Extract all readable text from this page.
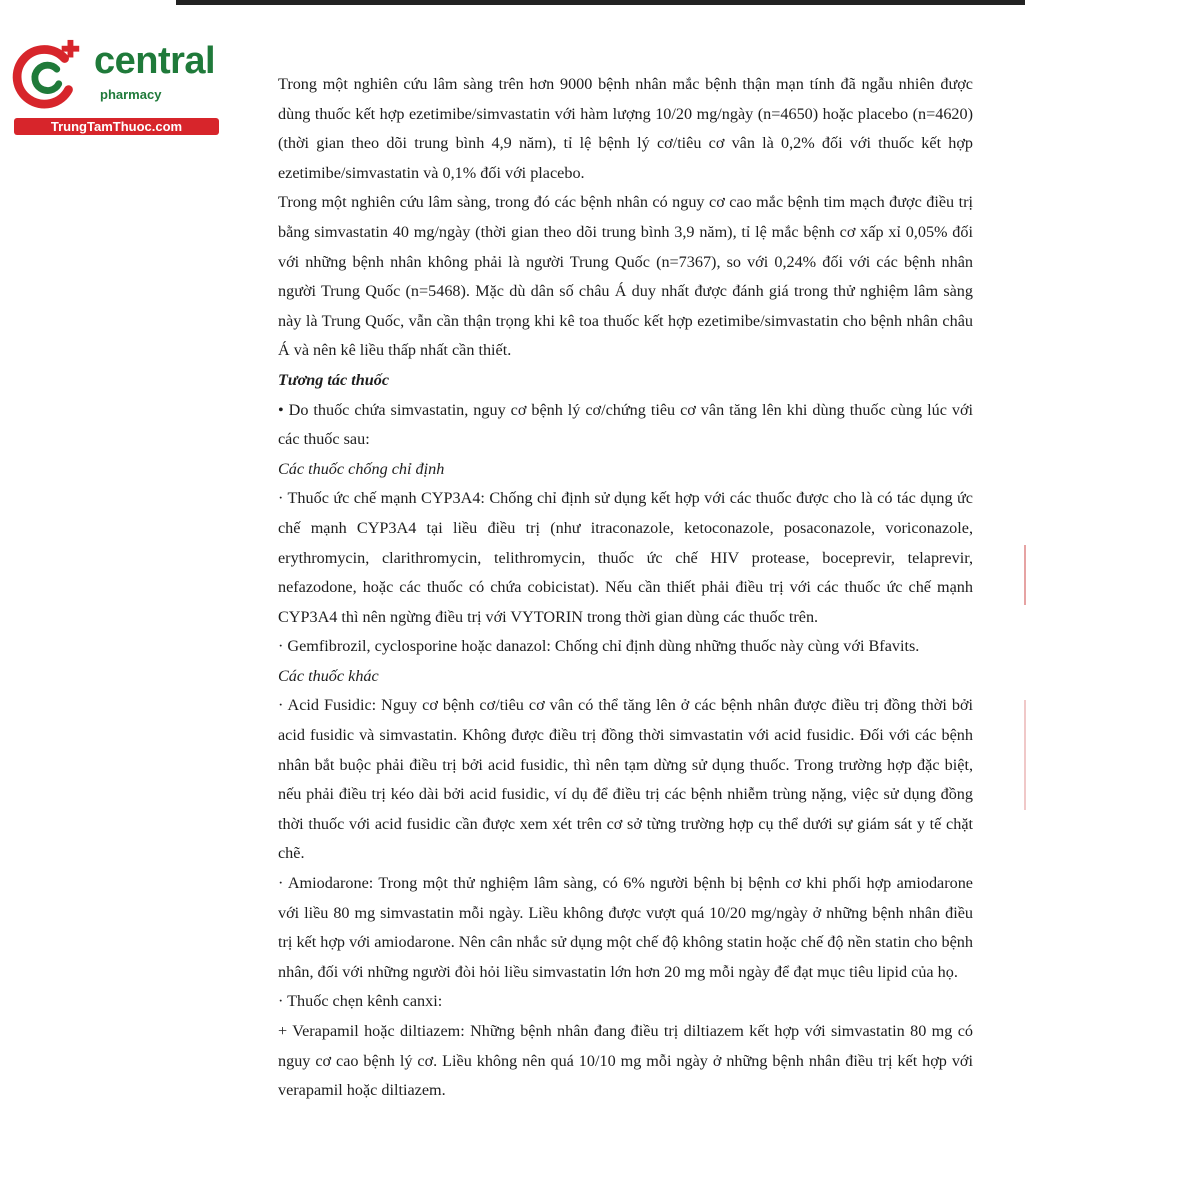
central
pharmacy
TrungTamThuoc.com

Trong một nghiên cứu lâm sàng trên hơn 9000 bệnh nhân mắc bệnh thận mạn tính đã ngẫu nhiên được dùng thuốc kết hợp ezetimibe/simvastatin với hàm lượng 10/20 mg/ngày (n=4650) hoặc placebo (n=4620) (thời gian theo dõi trung bình 4,9 năm), tỉ lệ bệnh lý cơ/tiêu cơ vân là 0,2% đối với thuốc kết hợp ezetimibe/simvastatin và 0,1% đối với placebo.

Trong một nghiên cứu lâm sàng, trong đó các bệnh nhân có nguy cơ cao mắc bệnh tim mạch được điều trị bằng simvastatin 40 mg/ngày (thời gian theo dõi trung bình 3,9 năm), tỉ lệ mắc bệnh cơ xấp xỉ 0,05% đối với những bệnh nhân không phải là người Trung Quốc (n=7367), so với 0,24% đối với các bệnh nhân người Trung Quốc (n=5468). Mặc dù dân số châu Á duy nhất được đánh giá trong thử nghiệm lâm sàng này là Trung Quốc, vẫn cần thận trọng khi kê toa thuốc kết hợp ezetimibe/simvastatin cho bệnh nhân châu Á và nên kê liều thấp nhất cần thiết.

Tương tác thuốc

• Do thuốc chứa simvastatin, nguy cơ bệnh lý cơ/chứng tiêu cơ vân tăng lên khi dùng thuốc cùng lúc với các thuốc sau:

Các thuốc chống chỉ định

· Thuốc ức chế mạnh CYP3A4: Chống chỉ định sử dụng kết hợp với các thuốc được cho là có tác dụng ức chế mạnh CYP3A4 tại liều điều trị (như itraconazole, ketoconazole, posaconazole, voriconazole, erythromycin, clarithromycin, telithromycin, thuốc ức chế HIV protease, boceprevir, telaprevir, nefazodone, hoặc các thuốc có chứa cobicistat). Nếu cần thiết phải điều trị với các thuốc ức chế mạnh CYP3A4 thì nên ngừng điều trị với VYTORIN trong thời gian dùng các thuốc trên.

· Gemfibrozil, cyclosporine hoặc danazol: Chống chỉ định dùng những thuốc này cùng với Bfavits.

Các thuốc khác

· Acid Fusidic: Nguy cơ bệnh cơ/tiêu cơ vân có thể tăng lên ở các bệnh nhân được điều trị đồng thời bởi acid fusidic và simvastatin. Không được điều trị đồng thời simvastatin với acid fusidic. Đối với các bệnh nhân bắt buộc phải điều trị bởi acid fusidic, thì nên tạm dừng sử dụng thuốc. Trong trường hợp đặc biệt, nếu phải điều trị kéo dài bởi acid fusidic, ví dụ để điều trị các bệnh nhiễm trùng nặng, việc sử dụng đồng thời thuốc với acid fusidic cần được xem xét trên cơ sở từng trường hợp cụ thể dưới sự giám sát y tế chặt chẽ.

· Amiodarone: Trong một thử nghiệm lâm sàng, có 6% người bệnh bị bệnh cơ khi phối hợp amiodarone với liều 80 mg simvastatin mỗi ngày. Liều không được vượt quá 10/20 mg/ngày ở những bệnh nhân điều trị kết hợp với amiodarone. Nên cân nhắc sử dụng một chế độ không statin hoặc chế độ nền statin cho bệnh nhân, đối với những người đòi hỏi liều simvastatin lớn hơn 20 mg mỗi ngày để đạt mục tiêu lipid của họ.

· Thuốc chẹn kênh canxi:

+ Verapamil hoặc diltiazem: Những bệnh nhân đang điều trị diltiazem kết hợp với simvastatin 80 mg có nguy cơ cao bệnh lý cơ. Liều không nên quá 10/10 mg mỗi ngày ở những bệnh nhân điều trị kết hợp với verapamil hoặc diltiazem.
